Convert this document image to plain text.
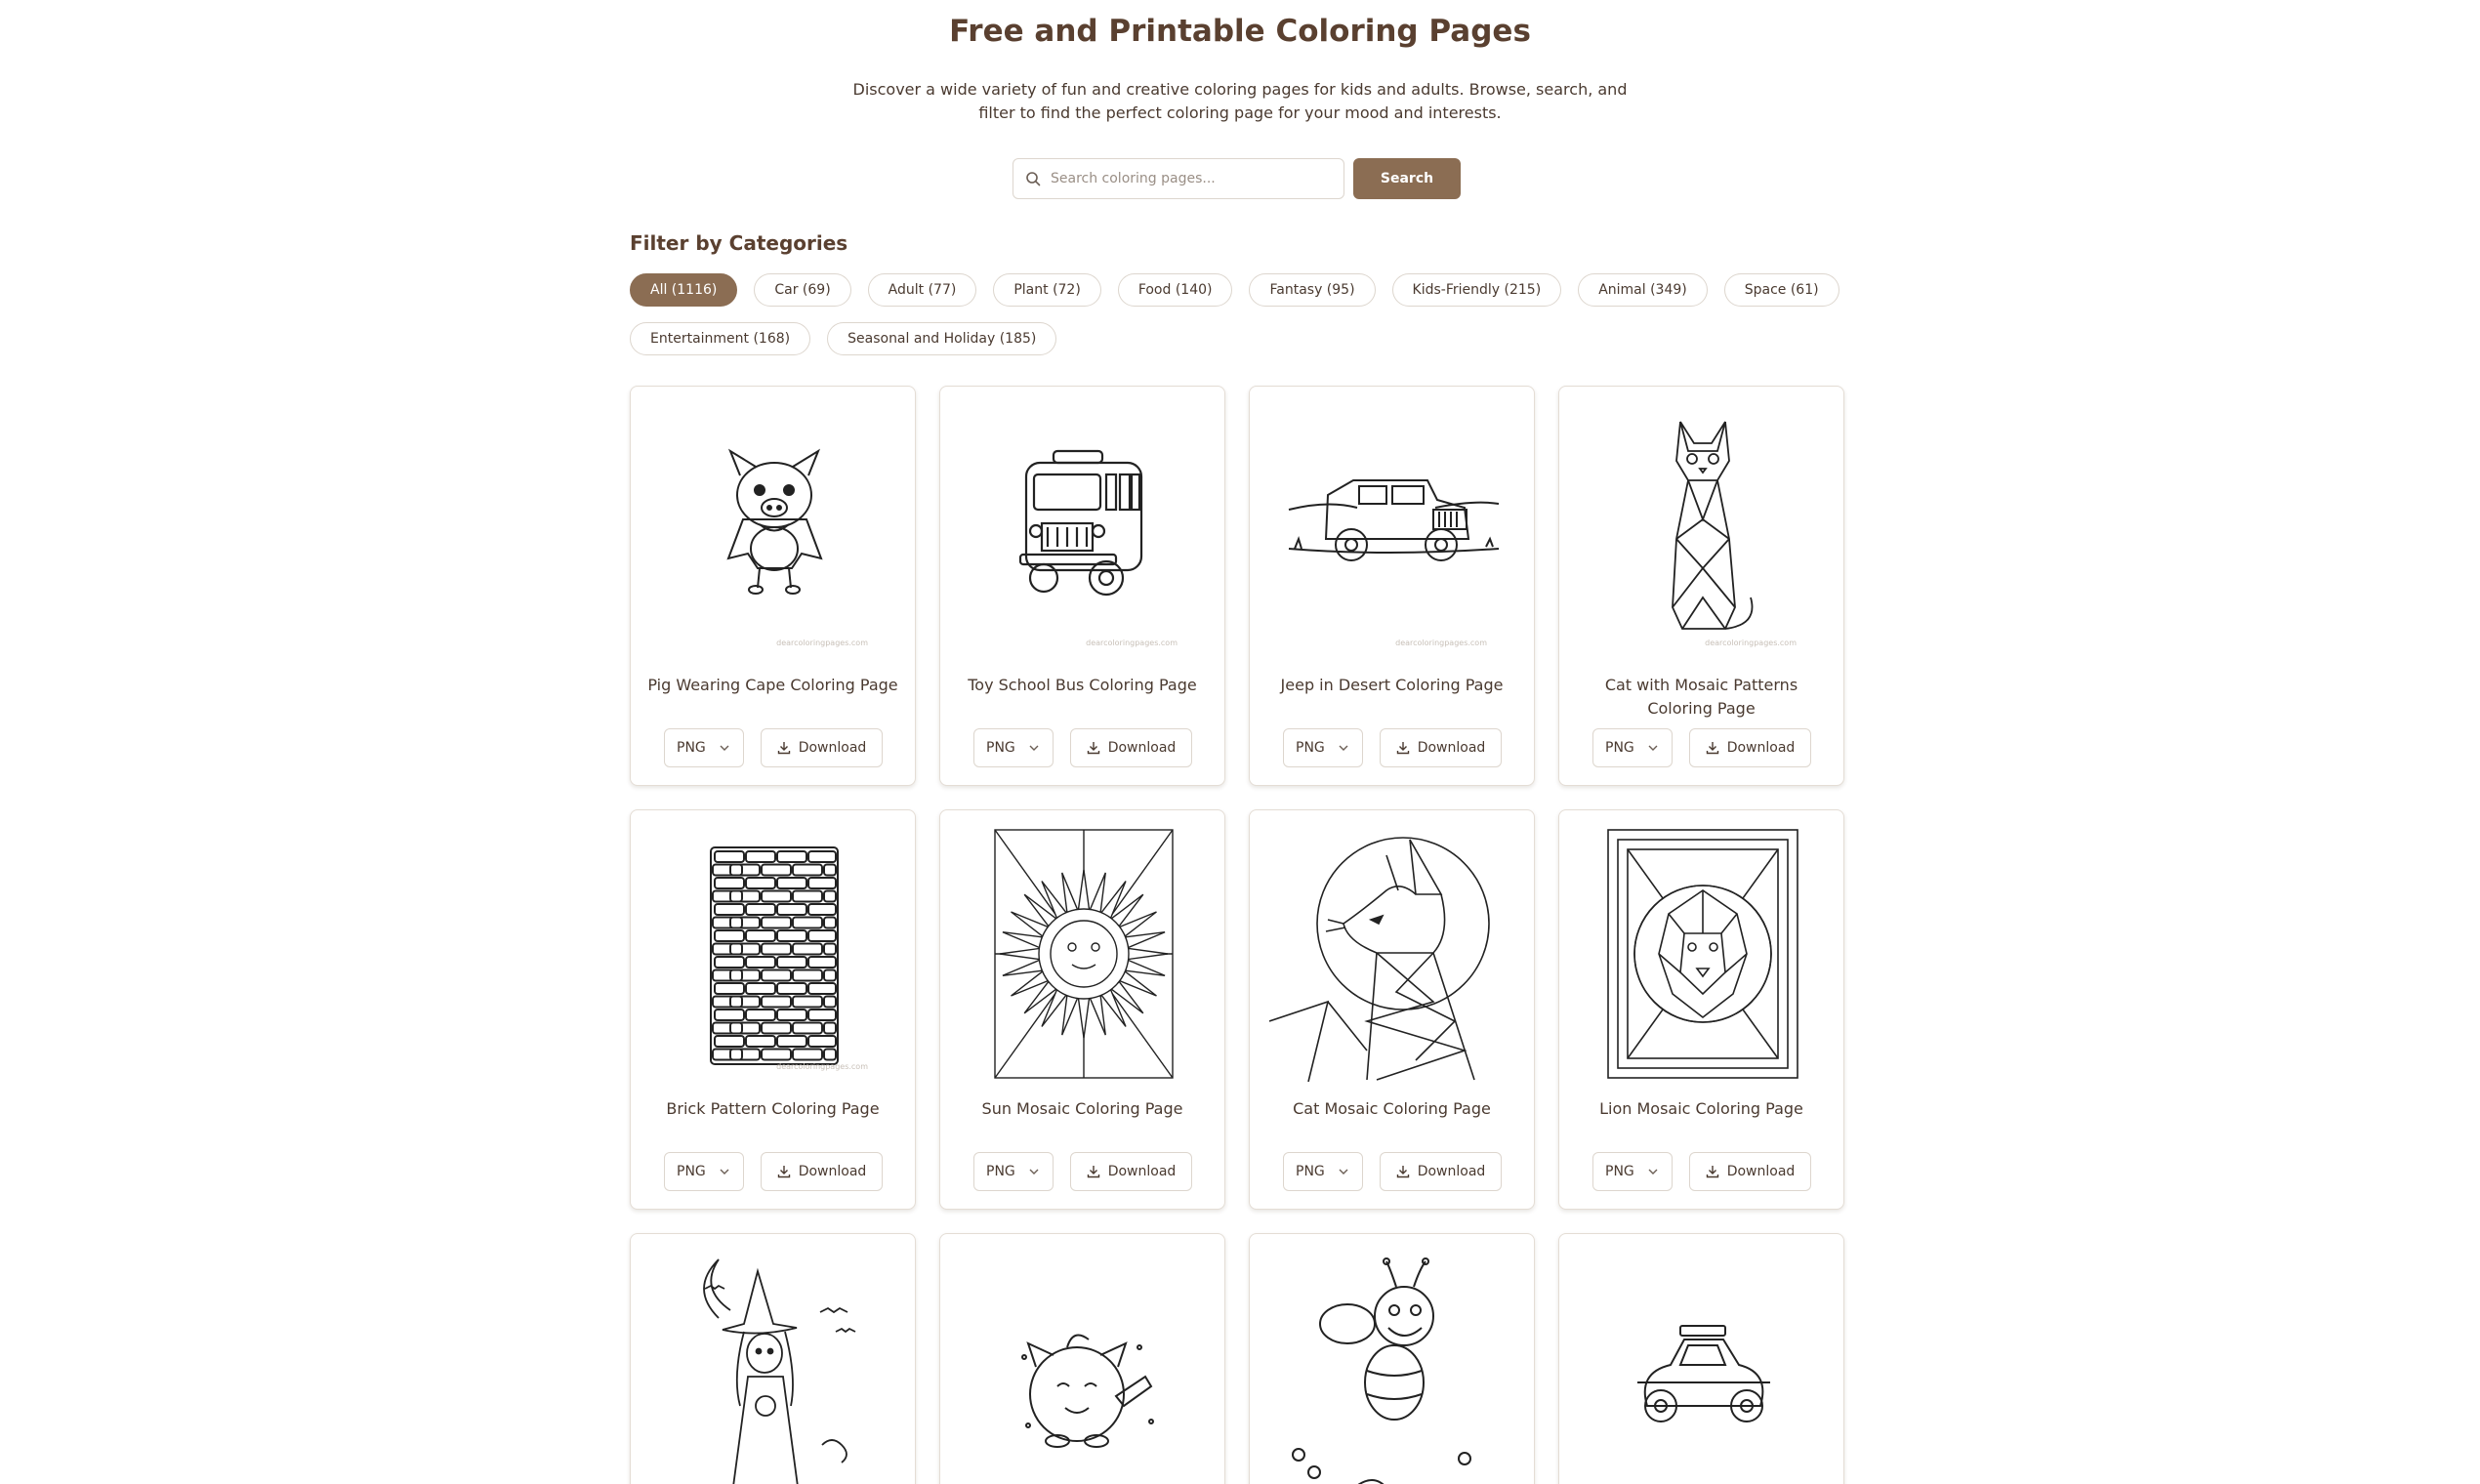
Free and Printable Coloring Pages
Discover a wide variety of fun and creative coloring pages for kids and adults. Browse, search, and filter to find the perfect coloring page for your mood and interests.
Search coloring pages...
Search
Filter by Categories
All (1116)	Car (69)	Adult (77)	Plant (72)	Food (140)	Fantasy (95)	Kids-Friendly (215)	Animal (349)	Space (61)
Entertainment (168)	Seasonal and Holiday (185)
dearcoloringpages.com
Pig Wearing Cape Coloring Page
PNG	Download
dearcoloringpages.com
Toy School Bus Coloring Page
PNG	Download
dearcoloringpages.com
Jeep in Desert Coloring Page
PNG	Download
dearcoloringpages.com
Cat with Mosaic Patterns Coloring Page
PNG	Download
dearcoloringpages.com
Brick Pattern Coloring Page
PNG	Download
Sun Mosaic Coloring Page
PNG	Download
Cat Mosaic Coloring Page
PNG	Download
Lion Mosaic Coloring Page
PNG	Download
